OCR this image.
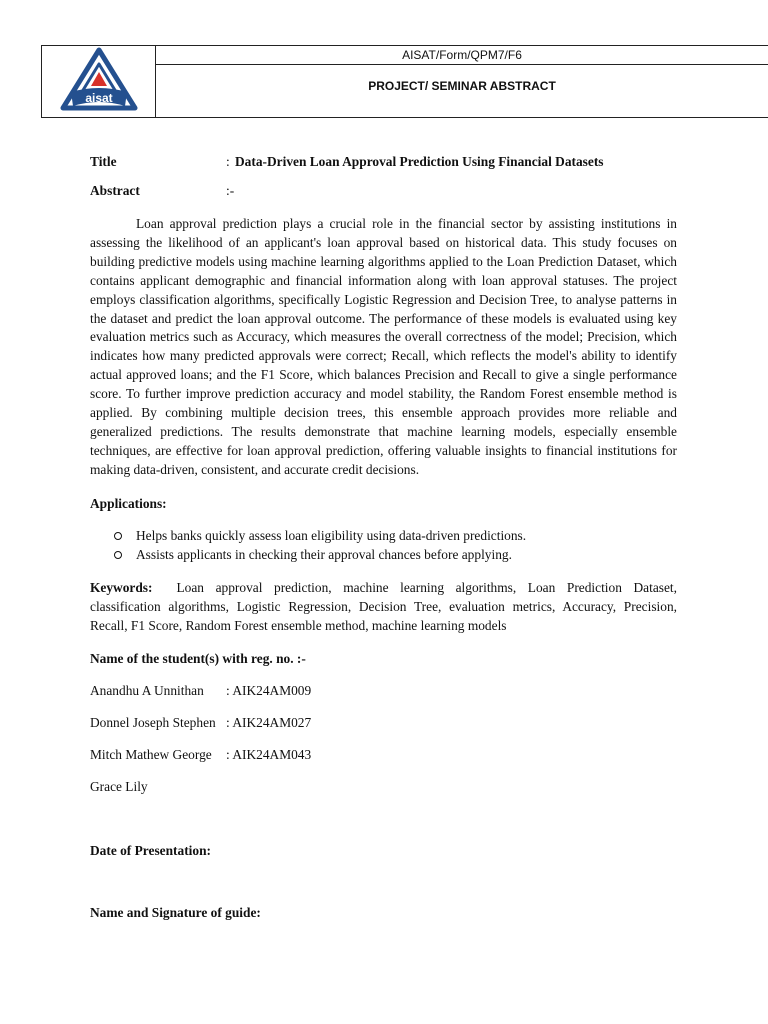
aisat
AISAT/Form/QPM7/F6
PROJECT/ SEMINAR ABSTRACT
Title	: Data-Driven Loan Approval Prediction Using Financial Datasets
Abstract	:-

Loan approval prediction plays a crucial role in the financial sector by assisting institutions in assessing the likelihood of an applicant's loan approval based on historical data. This study focuses on building predictive models using machine learning algorithms applied to the Loan Prediction Dataset, which contains applicant demographic and financial information along with loan approval statuses. The project employs classification algorithms, specifically Logistic Regression and Decision Tree, to analyse patterns in the dataset and predict the loan approval outcome. The performance of these models is evaluated using key evaluation metrics such as Accuracy, which measures the overall correctness of the model; Precision, which indicates how many predicted approvals were correct; Recall, which reflects the model's ability to identify actual approved loans; and the F1 Score, which balances Precision and Recall to give a single performance score. To further improve prediction accuracy and model stability, the Random Forest ensemble method is applied. By combining multiple decision trees, this ensemble approach provides more reliable and generalized predictions. The results demonstrate that machine learning models, especially ensemble techniques, are effective for loan approval prediction, offering valuable insights to financial institutions for making data-driven, consistent, and accurate credit decisions.

Applications:
Helps banks quickly assess loan eligibility using data-driven predictions.
Assists applicants in checking their approval chances before applying.
Keywords: Loan approval prediction, machine learning algorithms, Loan Prediction Dataset, classification algorithms, Logistic Regression, Decision Tree, evaluation metrics, Accuracy, Precision, Recall, F1 Score, Random Forest ensemble method, machine learning models
Name of the student(s) with reg. no. :-
Anandhu A Unnithan	: AIK24AM009
Donnel Joseph Stephen : AIK24AM027
Mitch Mathew George	: AIK24AM043
Grace Lily
Date of Presentation:
Name and Signature of guide:
